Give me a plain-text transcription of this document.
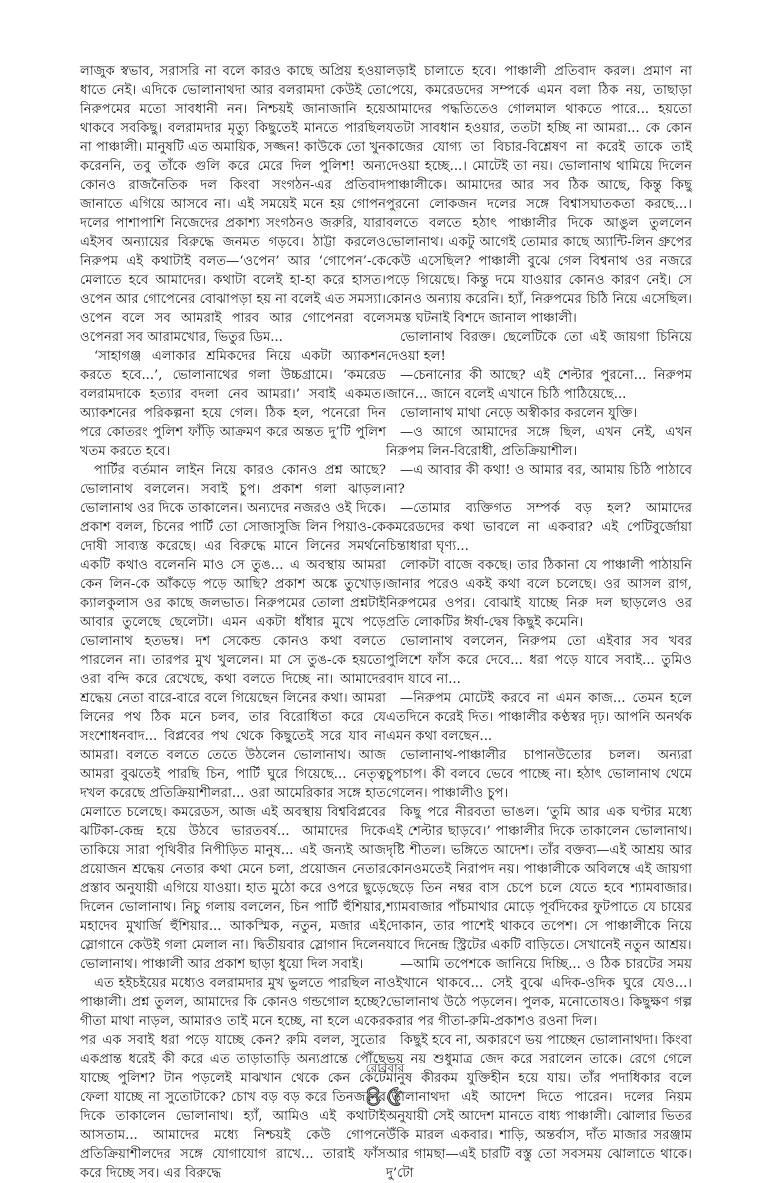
লাজুক স্বভাব, সরাসরি না বলে কারও কাছে অপ্রিয় হওয়া ধাতে নেই। এদিকে ভোলানাথদা আর বলরামদা কেউই তো নিরুপমের মতো সাবধানী নন। নিশ্চয়ই জানাজানি হয়ে থাকবে সবকিছু। বলরামদার মৃত্যু কিছুতেই মানতে পারছিল না পাঞ্চালী। মানুষটি এত অমায়িক, সজ্জন! কাউকে তো খুন করেননি, তবু তাঁকে গুলি করে মেরে দিল পুলিশ! অন্য কোনও রাজনৈতিক দল কিংবা সংগঠন-এর প্রতিবাদ জানাতে এগিয়ে আসবে না। এই সময়েই মনে হয় গোপন দলের পাশাপাশি নিজেদের প্রকাশ্য সংগঠনও জরুরি, যারা এইসব অন্যায়ের বিরুদ্ধে জনমত গড়বে। ঠাট্টা করলেও নিরুপম এই কথাটাই বলত—‘ওপেন’ আর ‘গোপেন’-কে মেলাতে হবে আমাদের। কথাটা বলেই হা-হা করে হাসত। ওপেন আর গোপেনের বোঝাপড়া হয় না বলেই এত সমস্যা। ওপেন বলে সব আমরাই পারব আর গোপেনরা বলে ওপেনরা সব আরামখোর, ভিতুর ডিম...

‘সাহাগঞ্জ এলাকার শ্রমিকদের নিয়ে একটা অ্যাকশন করতে হবে...’, ভোলানাথের গলা উচ্চগ্রামে। ‘কমরেড বলরামদাকে হত্যার বদলা নেব আমরা।’ সবাই একমত। অ্যাকশনের পরিকল্পনা হয়ে গেল। ঠিক হল, পনেরো দিন পরে কোতরং পুলিশ ফাঁড়ি আক্রমণ করে অন্তত দু’টি পুলিশ খতম করতে হবে।

পার্টির বর্তমান লাইন নিয়ে কারও কোনও প্রশ্ন আছে? ভোলানাথ বললেন। সবাই চুপ। প্রকাশ গলা ঝাড়ল। ভোলানাথ ওর দিকে তাকালেন। অন্যদের নজরও ওই দিকে। প্রকাশ বলল, চিনের পার্টি তো সোজাসুজি লিন পিয়াও-কে দোষী সাব্যস্ত করেছে। এর বিরুদ্ধে মানে লিনের সমর্থনে একটি কথাও বলেননি মাও সে তুঙ... এ অবস্থায় আমরা কেন লিন-কে আঁকড়ে পড়ে আছি? প্রকাশ অঙ্কে তুখোড়। ক্যালকুলাস ওর কাছে জলভাত। নিরুপমের তোলা প্রশ্নটাই আবার তুলেছে ছেলেটা। এমন একটা ধাঁধার মুখে পড়ে ভোলানাথ হতভম্ব। দশ সেকেন্ড কোনও কথা বলতে পারলেন না। তারপর মুখ খুললেন। মা সে তুঙ-কে হয়তো ওরা বন্দি করে রেখেছে, কথা বলতে দিচ্ছে না। আমাদের শ্রদ্ধেয় নেতা বারে-বারে বলে গিয়েছেন লিনের কথা। আমরা লিনের পথ ঠিক মনে চলব, তার বিরোধিতা করে যে সংশোধনবাদ... বিপ্লবের পথ থেকে কিছুতেই সরে যাব না আমরা। বলতে বলতে তেতে উঠলেন ভোলানাথ। আজ আমরা বুঝতেই পারছি চিন, পার্টি ঘুরে গিয়েছে... নেতৃত্ব দখল করেছে প্রতিক্রিয়াশীলরা... ওরা আমেরিকার সঙ্গে হাত মেলাতে চলেছে। কমরেডস, আজ এই অবস্থায় বিশ্ববিপ্লবের ঝটিকা-কেন্দ্র হয়ে উঠবে ভারতবর্ষ... আমাদের দিকে তাকিয়ে সারা পৃথিবীর নিপীড়িত মানুষ... এই জন্যই আজ প্রয়োজন শ্রদ্ধেয় নেতার কথা মেনে চলা, প্রয়োজন নেতার প্রস্তাব অনুযায়ী এগিয়ে যাওয়া। হাত মুঠো করে ওপরে ছুড়ে দিলেন ভোলানাথ। নিচু গলায় বললেন, চিন পার্টি হুঁশিয়ার, মহাদেব মুখার্জি হুঁশিয়ার... আকস্মিক, নতুন, মজার এই স্লোগানে কেউই গলা মেলাল না। দ্বিতীয়বার স্লোগান দিলেন ভোলানাথ। পাঞ্চালী আর প্রকাশ ছাড়া ধুয়ো দিল সবাই।

এত হইচইয়ের মধ্যেও বলরামদার মুখ ভুলতে পারছিল না পাঞ্চালী। প্রশ্ন তুলল, আমাদের কি কোনও গন্ডগোল হচ্ছে? গীতা মাথা নাড়ল, আমারও তাই মনে হচ্ছে, না হলে একের পর এক সবাই ধরা পড়ে যাচ্ছে কেন? রুমি বলল, সুতোর একপ্রান্ত ধরেই কী করে এত তাড়াতাড়ি অন্যপ্রান্তে পৌঁছে যাচ্ছে পুলিশ? টান পড়লেই মাঝখান থেকে কেন কেটে ফেলা যাচ্ছে না সুতোটাকে? চোখ বড় বড় করে তিনজনের দিকে তাকালেন ভোলানাথ। হ্যাঁ, আমিও এই কথাটাই আসতাম... আমাদের মধ্যে নিশ্চয়ই কেউ গোপনে প্রতিক্রিয়াশীলদের সঙ্গে যোগাযোগ রাখে... তারাই ফাঁস করে দিচ্ছে সব। এর বিরুদ্ধে

লড়াই চালাতে হবে। পাঞ্চালী প্রতিবাদ করল। প্রমাণ না পেয়ে, কমরেডদের সম্পর্কে এমন বলা ঠিক নয়, তাছাড়া আমাদের পদ্ধতিতেও গোলমাল থাকতে পারে... হয়তো যতটা সাবধান হওয়ার, ততটা হচ্ছি না আমরা... কে কোন কাজের যোগ্য তা বিচার-বিশ্লেষণ না করেই তাকে তাই দেওয়া হচ্ছে...। মোটেই তা নয়। ভোলানাথ থামিয়ে দিলেন পাঞ্চালীকে। আমাদের আর সব ঠিক আছে, কিন্তু কিছু পুরনো লোকজন দলের সঙ্গে বিশ্বাসঘাতকতা করছে...। বলতে বলতে হঠাৎ পাঞ্চালীর দিকে আঙুল তুললেন ভোলানাথ। একটু আগেই তোমার কাছে অ্যান্টি-লিন গ্রুপের কেউ এসেছিল? পাঞ্চালী বুঝে গেল বিশ্বনাথ ওর নজরে পড়ে গিয়েছে। কিন্তু দমে যাওয়ার কোনও কারণ নেই। সে কোনও অন্যায় করেনি। হ্যাঁ, নিরুপমের চিঠি নিয়ে এসেছিল। সমস্ত ঘটনাই বিশদে জানাল পাঞ্চালী।

ভোলানাথ বিরক্ত। ছেলেটিকে তো এই জায়গা চিনিয়ে দেওয়া হল!

—চেনানোর কী আছে? এই শেল্টার পুরনো... নিরুপম জানে... জানে বলেই এখানে চিঠি পাঠিয়েছে...

ভোলানাথ মাথা নেড়ে অস্বীকার করলেন যুক্তি।

—ও আগে আমাদের সঙ্গে ছিল, এখন নেই, এখন নিরুপম লিন-বিরোধী, প্রতিক্রিয়াশীল।

—এ আবার কী কথা! ও আমার বর, আমায় চিঠি পাঠাবে না?

—তোমার ব্যক্তিগত সম্পর্ক বড় হল? আমাদের কমরেডদের কথা ভাবলে না একবার? এই পেটিবুর্জোয়া চিন্তাধারা ঘৃণ্য...

লোকটা বাজে বকছে। তার ঠিকানা যে পাঞ্চালী পাঠায়নি জানার পরেও একই কথা বলে চলেছে। ওর আসল রাগ, নিরুপমের ওপর। বোঝাই যাচ্ছে নিরু দল ছাড়লেও ওর প্রতি লোকটির ঈর্ষা-দ্বেষ কিছুই কমেনি।

ভোলানাথ বললেন, নিরুপম তো এইবার সব খবর পুলিশে ফাঁস করে দেবে... ধরা পড়ে যাবে সবাই... তুমিও বাদ যাবে না...

—নিরুপম মোটেই করবে না এমন কাজ... তেমন হলে এতদিনে করেই দিত। পাঞ্চালীর কণ্ঠস্বর দৃঢ়। আপনি অনর্থক এমন কথা বলছেন...

ভোলানাথ-পাঞ্চালীর চাপানউতোর চলল। অন্যরা চুপচাপ। কী বলবে ভেবে পাচ্ছে না। হঠাৎ ভোলানাথ থেমে গেলেন। পাঞ্চালীও চুপ।

কিছু পরে নীরবতা ভাঙল। ‘তুমি আর এক ঘণ্টার মধ্যে এই শেল্টার ছাড়বে।’ পাঞ্চালীর দিকে তাকালেন ভোলানাথ। দৃষ্টি শীতল। ভঙ্গিতে আদেশ। তাঁর বক্তব্য—এই আশ্রয় আর কোনওমতেই নিরাপদ নয়। পাঞ্চালীকে অবিলম্বে এই জায়গা ছেড়ে তিন নম্বর বাস চেপে চলে যেতে হবে শ্যামবাজার। শ্যামবাজার পাঁচমাথার মোড়ে পূর্বদিকের ফুটপাতে যে চায়ের দোকান, তার পাশেই থাকবে তপেশ। সে পাঞ্চালীকে নিয়ে যাবে দিনেন্দ্র স্ট্রিটের একটি বাড়িতে। সেখানেই নতুন আশ্রয়।

—আমি তপেশকে জানিয়ে দিচ্ছি... ও ঠিক চারটের সময় ওইখানে থাকবে... সেই বুঝে এদিক-ওদিক ঘুরে যেও...। ভোলানাথ উঠে পড়লেন। পুলক, মনোতোষও। কিছুক্ষণ গল্প করার পর গীতা-রুমি-প্রকাশও রওনা দিল।

কিছুই হবে না, অকারণে ভয় পাচ্ছেন ভোলানাথদা। কিংবা ভয় নয় শুধুমাত্র জেদ করে সরালেন তাকে। রেগে গেলে মানুষ কীরকম যুক্তিহীন হয়ে যায়। তাঁর পদাধিকার বলে ভোলানাথদা এই আদেশ দিতে পারেন। দলের নিয়ম অনুযায়ী সেই আদেশ মানতে বাধ্য পাঞ্চালী। ঝোলার ভিতর উঁকি মারল একবার। শাড়ি, অন্তর্বাস, দাঁত মাজার সরঞ্জাম আর গামছা—এই চারটি বস্তু তো সবসময় ঝোলাতে থাকে। দু’টো

রোববার
৪৫
